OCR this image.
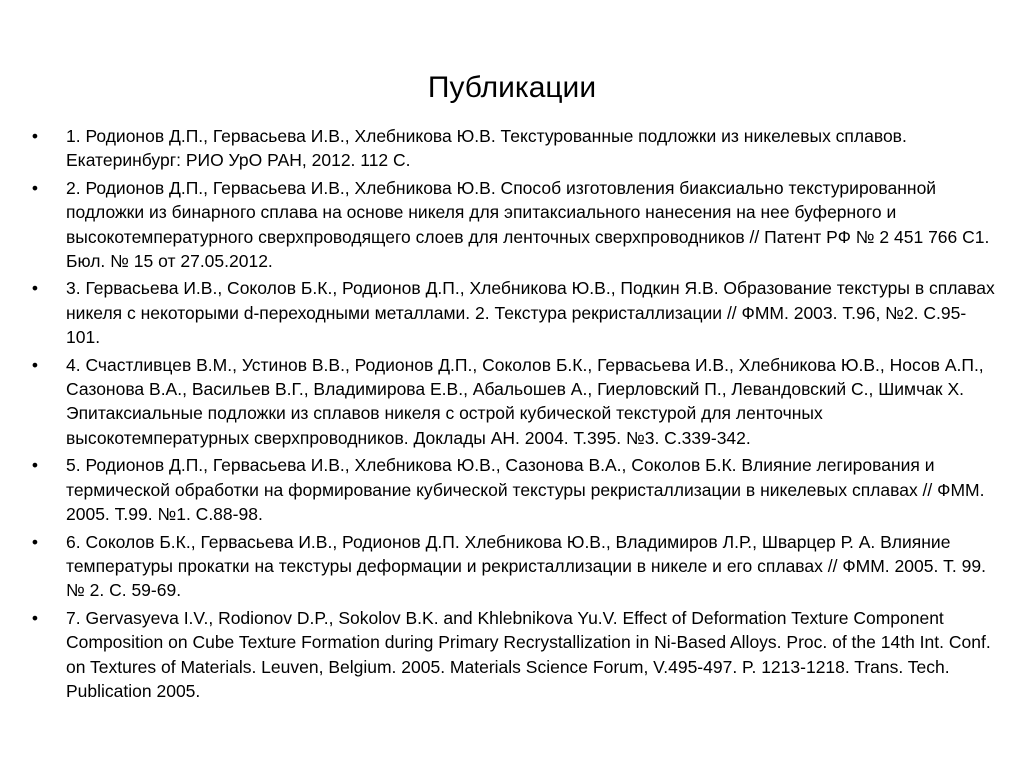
Публикации
• 1. Родионов Д.П., Гервасьева И.В., Хлебникова Ю.В. Текстурованные подложки из никелевых сплавов. Екатеринбург: РИО УрО РАН, 2012. 112 С.
• 2. Родионов Д.П., Гервасьева И.В., Хлебникова Ю.В. Способ изготовления биаксиально текстурированной подложки из бинарного сплава на основе никеля для эпитаксиального нанесения на нее буферного и высокотемпературного сверхпроводящего слоев для ленточных сверхпроводников // Патент РФ № 2 451 766 С1. Бюл. № 15 от 27.05.2012.
• 3. Гервасьева И.В., Соколов Б.К., Родионов Д.П., Хлебникова Ю.В., Подкин Я.В. Образование текстуры в сплавах никеля с некоторыми d-переходными металлами. 2. Текстура рекристаллизации // ФММ. 2003. Т.96, №2. С.95-101.
• 4. Счастливцев В.М., Устинов В.В., Родионов Д.П., Соколов Б.К., Гервасьева И.В., Хлебникова Ю.В., Носов А.П., Сазонова В.А., Васильев В.Г., Владимирова Е.В., Абальошев А., Гиерловский П., Левандовский С., Шимчак Х. Эпитаксиальные подложки из сплавов никеля с острой кубической текстурой для ленточных высокотемпературных сверхпроводников. Доклады АН. 2004. Т.395. №3. С.339-342.
• 5. Родионов Д.П., Гервасьева И.В., Хлебникова Ю.В., Сазонова В.А., Соколов Б.К. Влияние легирования и термической обработки на формирование кубической текстуры рекристаллизации в никелевых сплавах // ФММ. 2005. Т.99. №1. С.88-98.
• 6. Соколов Б.К., Гервасьева И.В., Родионов Д.П. Хлебникова Ю.В., Владимиров Л.Р., Шварцер Р. А. Влияние температуры прокатки на текстуры деформации и рекристаллизации в никеле и его сплавах // ФММ. 2005. Т. 99. № 2. С. 59-69.
• 7. Gervasyeva I.V., Rodionov D.P., Sokolov B.K. and Khlebnikova Yu.V. Effect of Deformation Texture Component Composition on Cube Texture Formation during Primary Recrystallization in Ni-Based Alloys. Proc. of the 14th Int. Conf. on Textures of Materials. Leuven, Belgium. 2005. Materials Science Forum, V.495-497. P. 1213-1218. Trans. Tech. Publication 2005.
